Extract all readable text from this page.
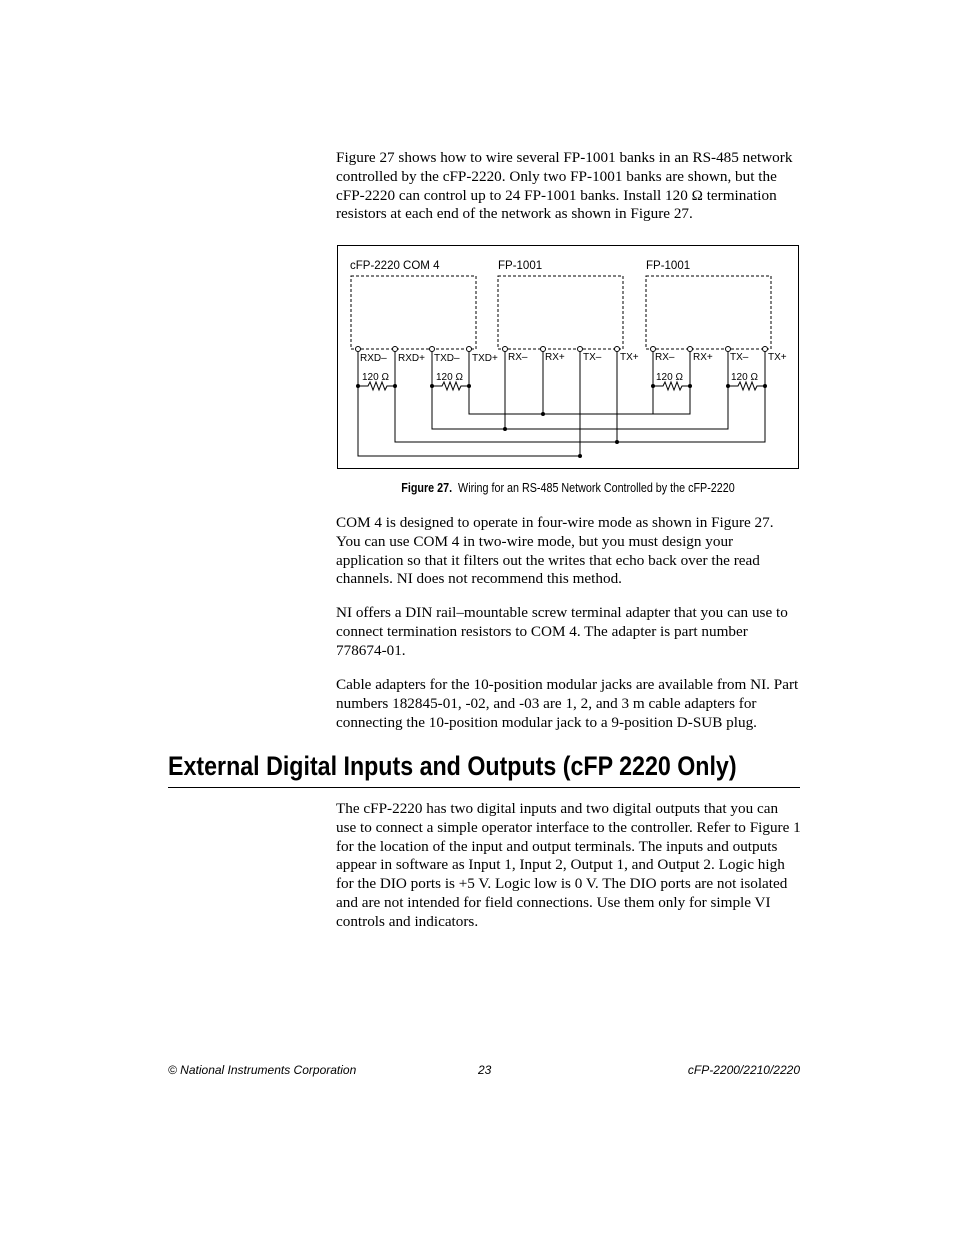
Figure 27 shows how to wire several FP-1001 banks in an RS-485 network controlled by the cFP-2220. Only two FP-1001 banks are shown, but the cFP-2220 can control up to 24 FP-1001 banks. Install 120 Ω termination resistors at each end of the network as shown in Figure 27.

cFP-2220 COM 4	FP-1001	FP-1001
RXD– RXD+ TXD– TXD+ RX– RX+ TX– TX+ RX– RX+ TX– TX+
120 Ω	120 Ω	120 Ω	120 Ω
Figure 27. Wiring for an RS-485 Network Controlled by the cFP-2220

COM 4 is designed to operate in four-wire mode as shown in Figure 27. You can use COM 4 in two-wire mode, but you must design your application so that it filters out the writes that echo back over the read channels. NI does not recommend this method.

NI offers a DIN rail–mountable screw terminal adapter that you can use to connect termination resistors to COM 4. The adapter is part number 778674-01.

Cable adapters for the 10-position modular jacks are available from NI. Part numbers 182845-01, -02, and -03 are 1, 2, and 3 m cable adapters for connecting the 10-position modular jack to a 9-position D-SUB plug.

External Digital Inputs and Outputs (cFP 2220 Only)

The cFP-2220 has two digital inputs and two digital outputs that you can use to connect a simple operator interface to the controller. Refer to Figure 1 for the location of the input and output terminals. The inputs and outputs appear in software as Input 1, Input 2, Output 1, and Output 2. Logic high for the DIO ports is +5 V. Logic low is 0 V. The DIO ports are not isolated and are not intended for field connections. Use them only for simple VI controls and indicators.

© National Instruments Corporation	23	cFP-2200/2210/2220
